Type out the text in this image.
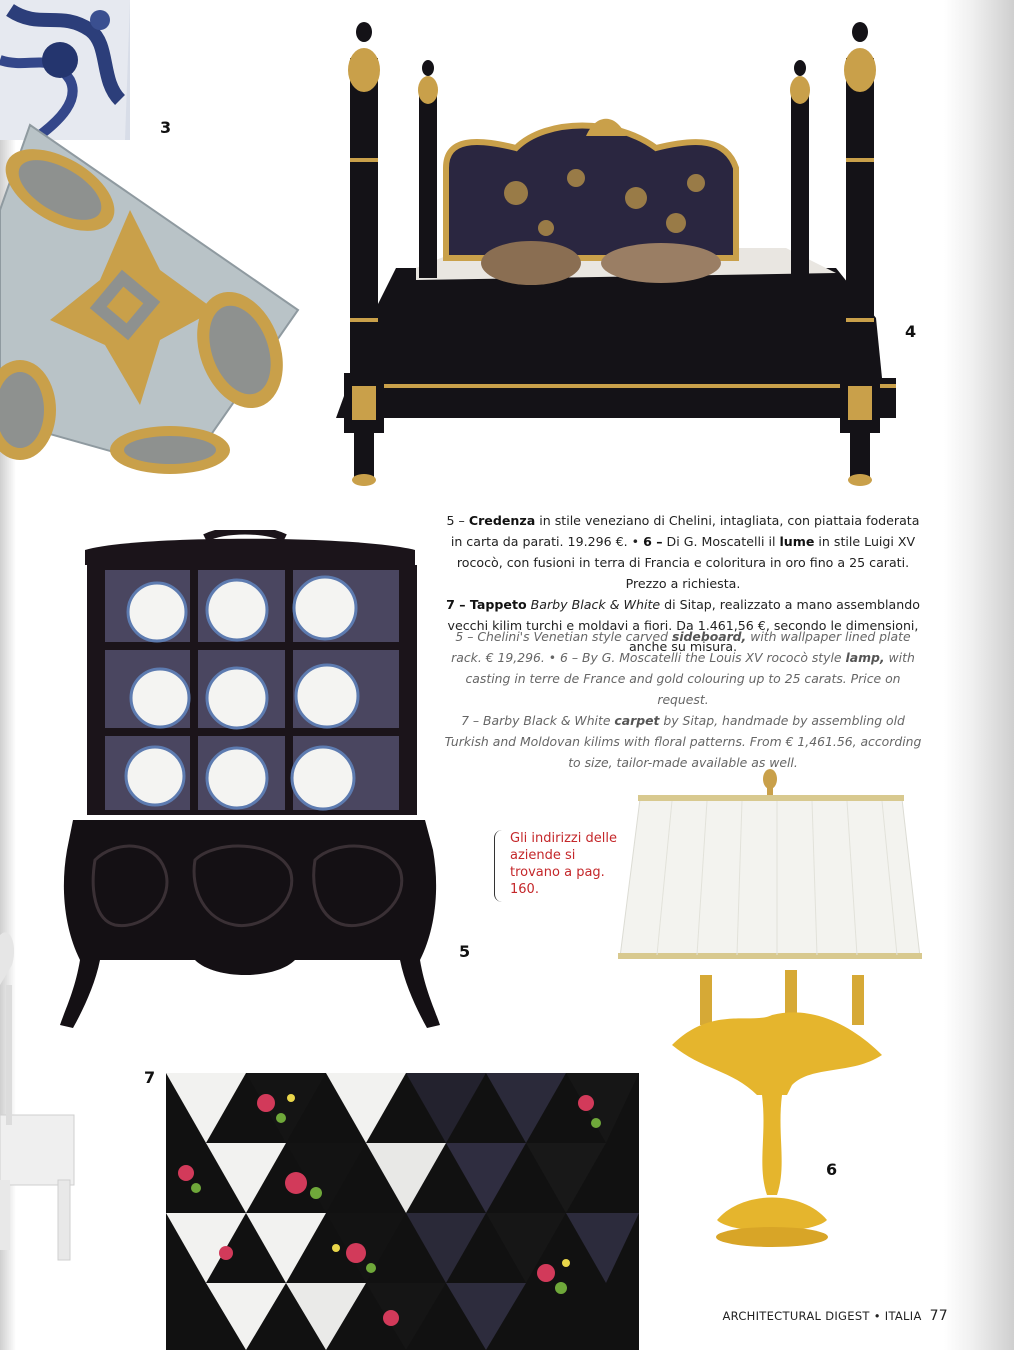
3
4
5
6
7
5 – Credenza in stile veneziano di Chelini, intagliata, con piattaia foderata in carta da parati. 19.296 €. • 6 – Di G. Moscatelli il lume in stile Luigi XV rococò, con fusioni in terra di Francia e coloritura in oro fino a 25 carati. Prezzo a richiesta.
7 – Tappeto Barby Black & White di Sitap, realizzato a mano assemblando vecchi kilim turchi e moldavi a fiori. Da 1.461,56 €, secondo le dimensioni, anche su misura.
5 – Chelini's Venetian style carved sideboard, with wallpaper lined plate rack. € 19,296. • 6 – By G. Moscatelli the Louis XV rococò style lamp, with casting in terre de France and gold colouring up to 25 carats. Price on request.
7 – Barby Black & White carpet by Sitap, handmade by assembling old Turkish and Moldovan kilims with floral patterns. From € 1,461.56, according to size, tailor-made available as well.
Gli indirizzi delle aziende si trovano a pag. 160.
ARCHITECTURAL DIGEST • ITALIA 77
